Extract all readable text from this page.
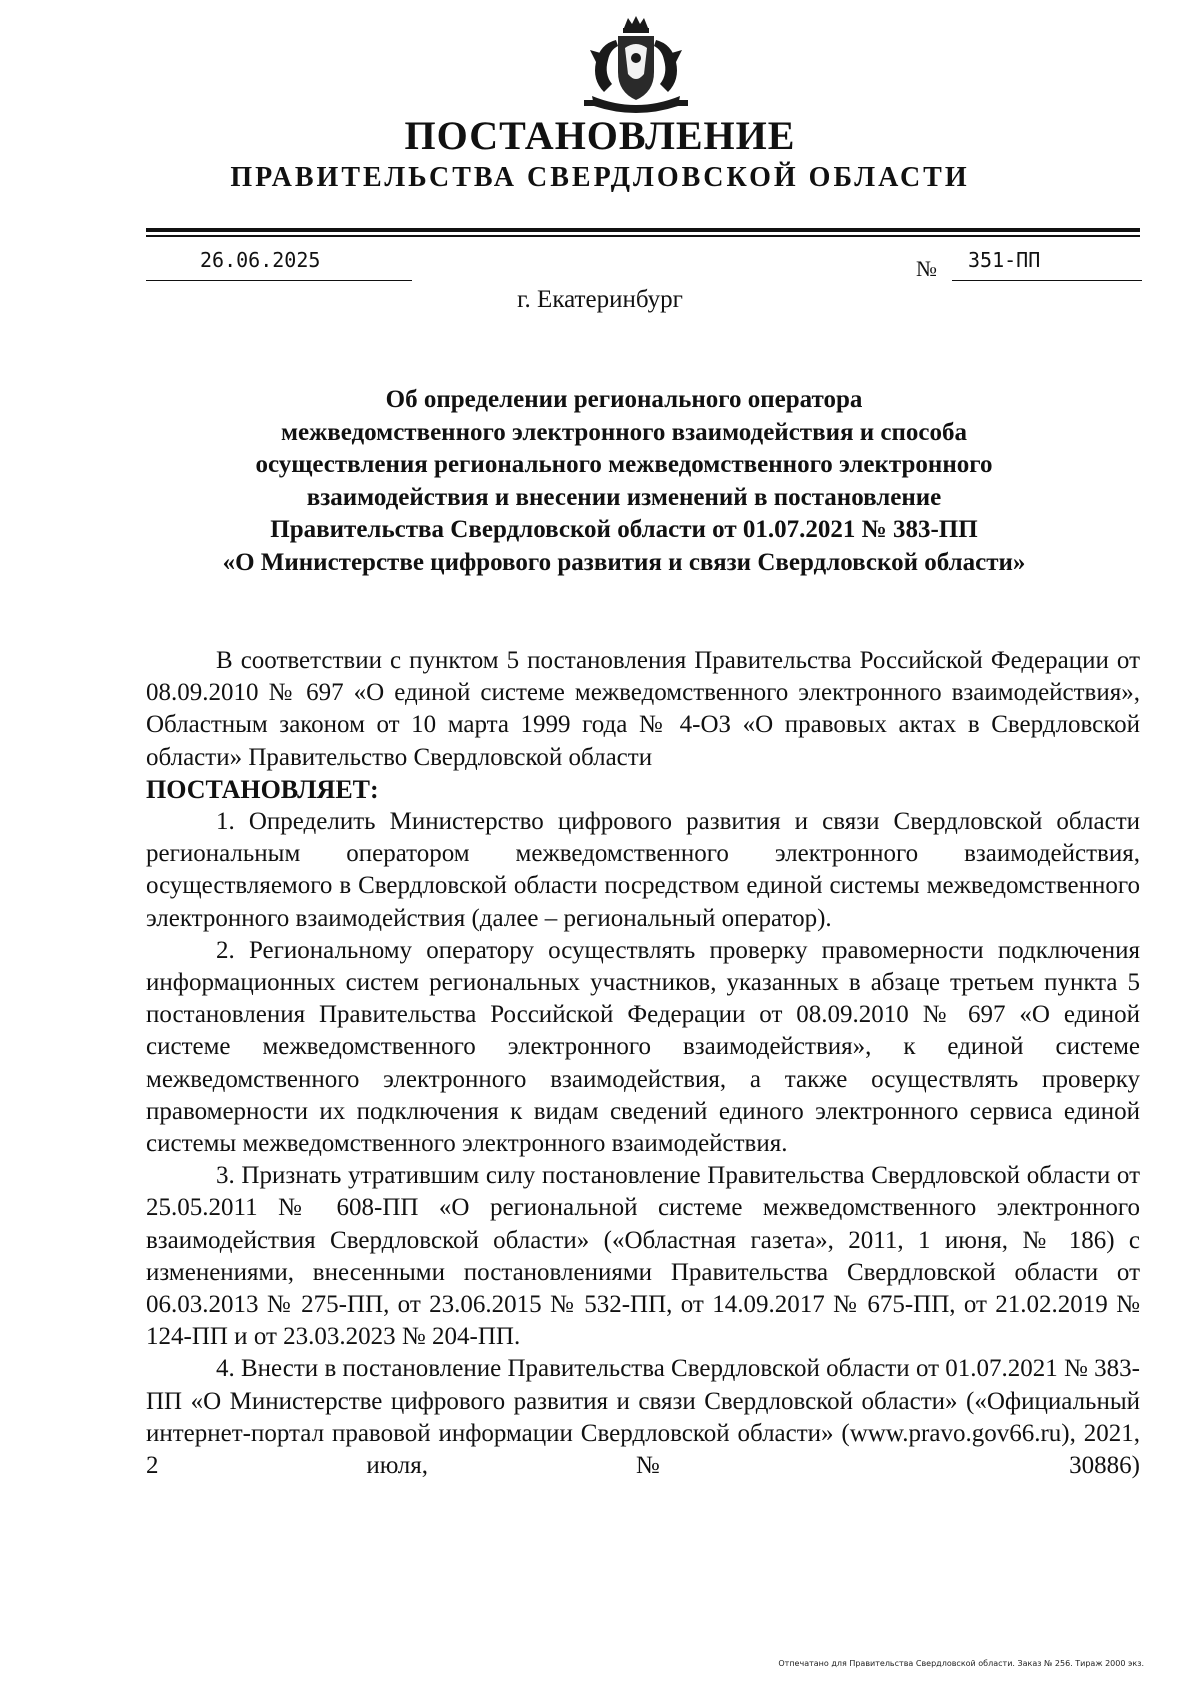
ПОСТАНОВЛЕНИЕ
ПРАВИТЕЛЬСТВА СВЕРДЛОВСКОЙ ОБЛАСТИ
26.06.2025	№ 351-ПП
г. Екатеринбург
Об определении регионального оператора
межведомственного электронного взаимодействия и способа
осуществления регионального межведомственного электронного
взаимодействия и внесении изменений в постановление
Правительства Свердловской области от 01.07.2021 № 383-ПП
«О Министерстве цифрового развития и связи Свердловской области»
В соответствии с пунктом 5 постановления Правительства Российской Федерации от 08.09.2010 № 697 «О единой системе межведомственного электронного взаимодействия», Областным законом от 10 марта 1999 года № 4-ОЗ «О правовых актах в Свердловской области» Правительство Свердловской области
ПОСТАНОВЛЯЕТ:
1. Определить Министерство цифрового развития и связи Свердловской области региональным оператором межведомственного электронного взаимодействия, осуществляемого в Свердловской области посредством единой системы межведомственного электронного взаимодействия (далее – региональный оператор).
2. Региональному оператору осуществлять проверку правомерности подключения информационных систем региональных участников, указанных в абзаце третьем пункта 5 постановления Правительства Российской Федерации от 08.09.2010 № 697 «О единой системе межведомственного электронного взаимодействия», к единой системе межведомственного электронного взаимодействия, а также осуществлять проверку правомерности их подключения к видам сведений единого электронного сервиса единой системы межведомственного электронного взаимодействия.
3. Признать утратившим силу постановление Правительства Свердловской области от 25.05.2011 № 608-ПП «О региональной системе межведомственного электронного взаимодействия Свердловской области» («Областная газета», 2011, 1 июня, № 186) с изменениями, внесенными постановлениями Правительства Свердловской области от 06.03.2013 № 275-ПП, от 23.06.2015 № 532-ПП, от 14.09.2017 № 675-ПП, от 21.02.2019 № 124-ПП и от 23.03.2023 № 204-ПП.
4. Внести в постановление Правительства Свердловской области от 01.07.2021 № 383-ПП «О Министерстве цифрового развития и связи Свердловской области» («Официальный интернет-портал правовой информации Свердловской области» (www.pravo.gov66.ru), 2021, 2 июля, № 30886)
Отпечатано для Правительства Свердловской области. Заказ № 256. Тираж 2000 экз.
